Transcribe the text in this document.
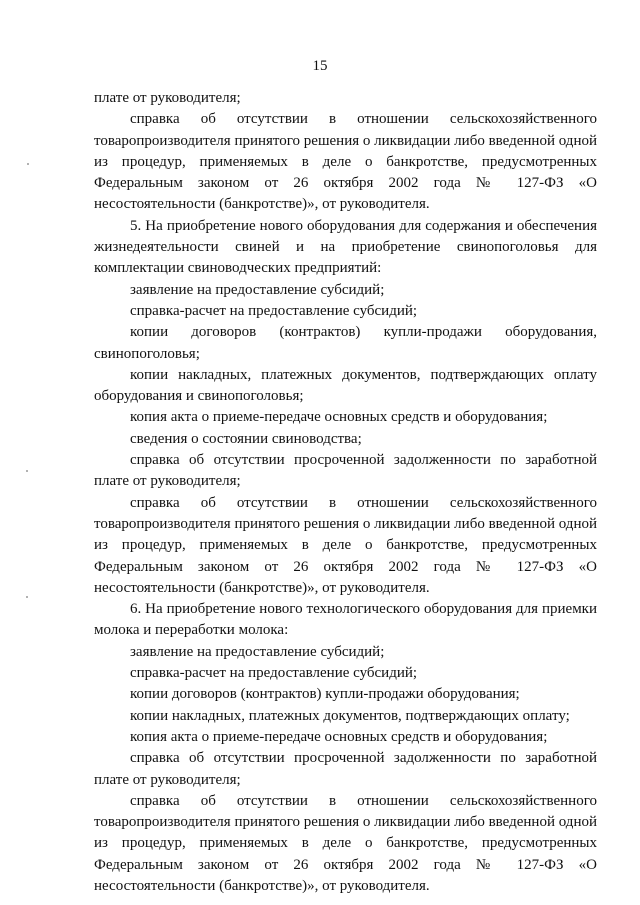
15

плате от руководителя;

справка об отсутствии в отношении сельскохозяйственного товаропроизводителя принятого решения о ликвидации либо введенной одной из процедур, применяемых в деле о банкротстве, предусмотренных Федеральным законом от 26 октября 2002 года № 127-ФЗ «О несостоятельности (банкротстве)», от руководителя.

5. На приобретение нового оборудования для содержания и обеспечения жизнедеятельности свиней и на приобретение свинопоголовья для комплектации свиноводческих предприятий:

заявление на предоставление субсидий;

справка-расчет на предоставление субсидий;

копии договоров (контрактов) купли-продажи оборудования, свинопоголовья;

копии накладных, платежных документов, подтверждающих оплату оборудования и свинопоголовья;

копия акта о приеме-передаче основных средств и оборудования;

сведения о состоянии свиноводства;

справка об отсутствии просроченной задолженности по заработной плате от руководителя;

справка об отсутствии в отношении сельскохозяйственного товаропроизводителя принятого решения о ликвидации либо введенной одной из процедур, применяемых в деле о банкротстве, предусмотренных Федеральным законом от 26 октября 2002 года № 127-ФЗ «О несостоятельности (банкротстве)», от руководителя.

6. На приобретение нового технологического оборудования для приемки молока и переработки молока:

заявление на предоставление субсидий;

справка-расчет на предоставление субсидий;

копии договоров (контрактов) купли-продажи оборудования;

копии накладных, платежных документов, подтверждающих оплату;

копия акта о приеме-передаче основных средств и оборудования;

справка об отсутствии просроченной задолженности по заработной плате от руководителя;

справка об отсутствии в отношении сельскохозяйственного товаропроизводителя принятого решения о ликвидации либо введенной одной из процедур, применяемых в деле о банкротстве, предусмотренных Федеральным законом от 26 октября 2002 года № 127-ФЗ «О несостоятельности (банкротстве)», от руководителя.
